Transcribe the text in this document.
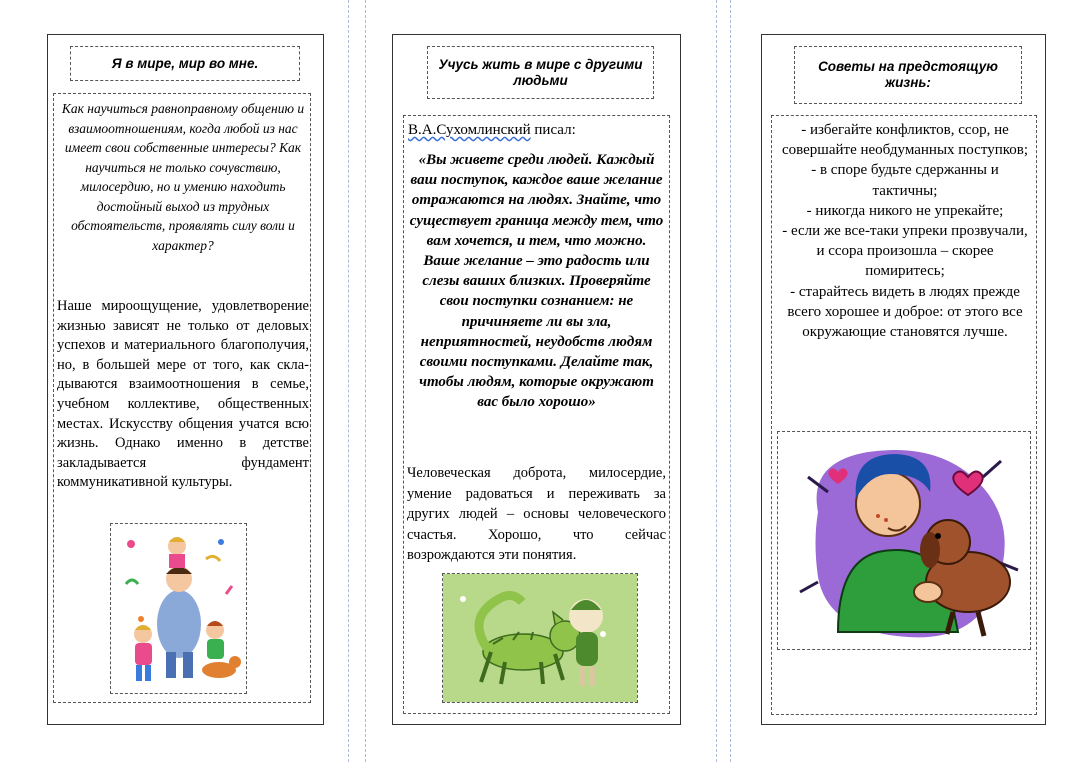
Я в мире, мир во мне.
Как научиться равноправному общению и взаимоотношениям, когда любой из нас имеет свои собственные интересы? Как научиться не только сочувствию, милосердию, но и умению находить достойный выход из трудных обстоятельств, проявлять силу воли и характер?
Наше мироощущение, удовлетворение жизнью зависят не только от деловых успехов и материального благополучия, но, в большей мере от того, как складываются взаимоотношения в семье, учебном коллективе, общественных местах. Искусству общения учатся всю жизнь. Однако именно в детстве закладывается фундамент коммуникативной культуры.
Учусь жить в мире с другими людьми
В.А.Сухомлинский писал:
«Вы живете среди людей. Каждый ваш поступок, каждое ваше желание отражаются на людях. Знайте, что существует граница между тем, что вам хочется, и тем, что можно. Ваше желание – это радость или слезы ваших близких. Проверяйте свои поступки сознанием: не причиняете ли вы зла, неприятностей, неудобств людям своими поступками. Делайте так, чтобы людям, которые окружают вас было хорошо»
Человеческая доброта, милосердие, умение радоваться и переживать за других людей – основы человеческого счастья. Хорошо, что сейчас возрождаются эти понятия.
Советы на предстоящую жизнь:
- избегайте конфликтов, ссор, не совершайте необдуманных поступков;
- в споре будьте сдержанны и тактичны;
- никогда никого не упрекайте;
- если же все-таки упреки прозвучали, и ссора произошла – скорее помиритесь;
- старайтесь видеть в людях прежде всего хорошее и доброе: от этого все окружающие становятся лучше.
